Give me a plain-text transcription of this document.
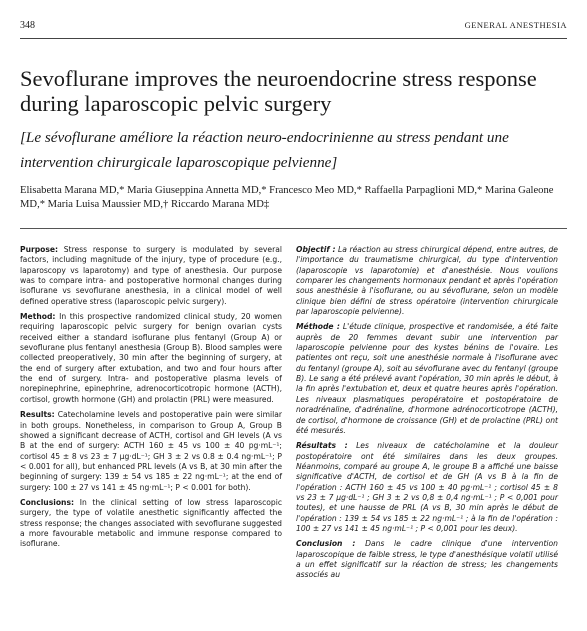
348	GENERAL ANESTHESIA
Sevoflurane improves the neuroendocrine stress response during laparoscopic pelvic surgery

[Le sévoflurane améliore la réaction neuro-endocrinienne au stress pendant une intervention chirurgicale laparoscopique pelvienne]

Elisabetta Marana MD,* Maria Giuseppina Annetta MD,* Francesco Meo MD,* Raffaella Parpaglioni MD,* Marina Galeone MD,* Maria Luisa Maussier MD,† Riccardo Marana MD‡

Purpose: Stress response to surgery is modulated by several factors, including magnitude of the injury, type of procedure (e.g., laparoscopy vs laparotomy) and type of anesthesia. Our purpose was to compare intra- and postoperative hormonal changes during isoflurane vs sevoflurane anesthesia, in a clinical model of well defined operative stress (laparoscopic pelvic surgery).

Method: In this prospective randomized clinical study, 20 women requiring laparoscopic pelvic surgery for benign ovarian cysts received either a standard isoflurane plus fentanyl (Group A) or sevoflurane plus fentanyl anesthesia (Group B). Blood samples were collected preoperatively, 30 min after the beginning of surgery, at the end of surgery after extubation, and two and four hours after the end of surgery. Intra- and postoperative plasma levels of norepinephrine, epinephrine, adrenocorticotropic hormone (ACTH), cortisol, growth hormone (GH) and prolactin (PRL) were measured.

Results: Catecholamine levels and postoperative pain were similar in both groups. Nonetheless, in comparison to Group A, Group B showed a significant decrease of ACTH, cortisol and GH levels (A vs B at the end of surgery: ACTH 160 ± 45 vs 100 ± 40 pg·mL⁻¹; cortisol 45 ± 8 vs 23 ± 7 µg·dL⁻¹; GH 3 ± 2 vs 0.8 ± 0.4 ng·mL⁻¹; P < 0.001 for all), but enhanced PRL levels (A vs B, at 30 min after the beginning of surgery: 139 ± 54 vs 185 ± 22 ng·mL⁻¹; at the end of surgery: 100 ± 27 vs 141 ± 45 ng·mL⁻¹; P < 0.001 for both).

Conclusions: In the clinical setting of low stress laparoscopic surgery, the type of volatile anesthetic significantly affected the stress response; the changes associated with sevoflurane suggested a more favourable metabolic and immune response compared to isoflurane.

Objectif : La réaction au stress chirurgical dépend, entre autres, de l'importance du traumatisme chirurgical, du type d'intervention (laparoscopie vs laparotomie) et d'anesthésie. Nous voulions comparer les changements hormonaux pendant et après l'opération sous anesthésie à l'isoflurane, ou au sévoflurane, selon un modèle clinique bien défini de stress opératoire (intervention chirurgicale par laparoscopie pelvienne).

Méthode : L'étude clinique, prospective et randomisée, a été faite auprès de 20 femmes devant subir une intervention par laparoscopie pelvienne pour des kystes bénins de l'ovaire. Les patientes ont reçu, soit une anesthésie normale à l'isoflurane avec du fentanyl (groupe A), soit au sévoflurane avec du fentanyl (groupe B). Le sang a été prélevé avant l'opération, 30 min après le début, à la fin après l'extubation et, deux et quatre heures après l'opération. Les niveaux plasmatiques peropératoire et postopératoire de noradrénaline, d'adrénaline, d'hormone adrénocorticotrope (ACTH), de cortisol, d'hormone de croissance (GH) et de prolactine (PRL) ont été mesurés.

Résultats : Les niveaux de catécholamine et la douleur postopératoire ont été similaires dans les deux groupes. Néanmoins, comparé au groupe A, le groupe B a affiché une baisse significative d'ACTH, de cortisol et de GH (A vs B à la fin de l'opération : ACTH 160 ± 45 vs 100 ± 40 pg·mL⁻¹ ; cortisol 45 ± 8 vs 23 ± 7 µg·dL⁻¹ ; GH 3 ± 2 vs 0,8 ± 0,4 ng·mL⁻¹ ; P < 0,001 pour toutes), et une hausse de PRL (A vs B, 30 min après le début de l'opération : 139 ± 54 vs 185 ± 22 ng·mL⁻¹ ; à la fin de l'opération : 100 ± 27 vs 141 ± 45 ng·mL⁻¹ ; P < 0,001 pour les deux).

Conclusion : Dans le cadre clinique d'une intervention laparoscopique de faible stress, le type d'anesthésique volatil utilisé a un effet significatif sur la réaction de stress; les changements associés au
